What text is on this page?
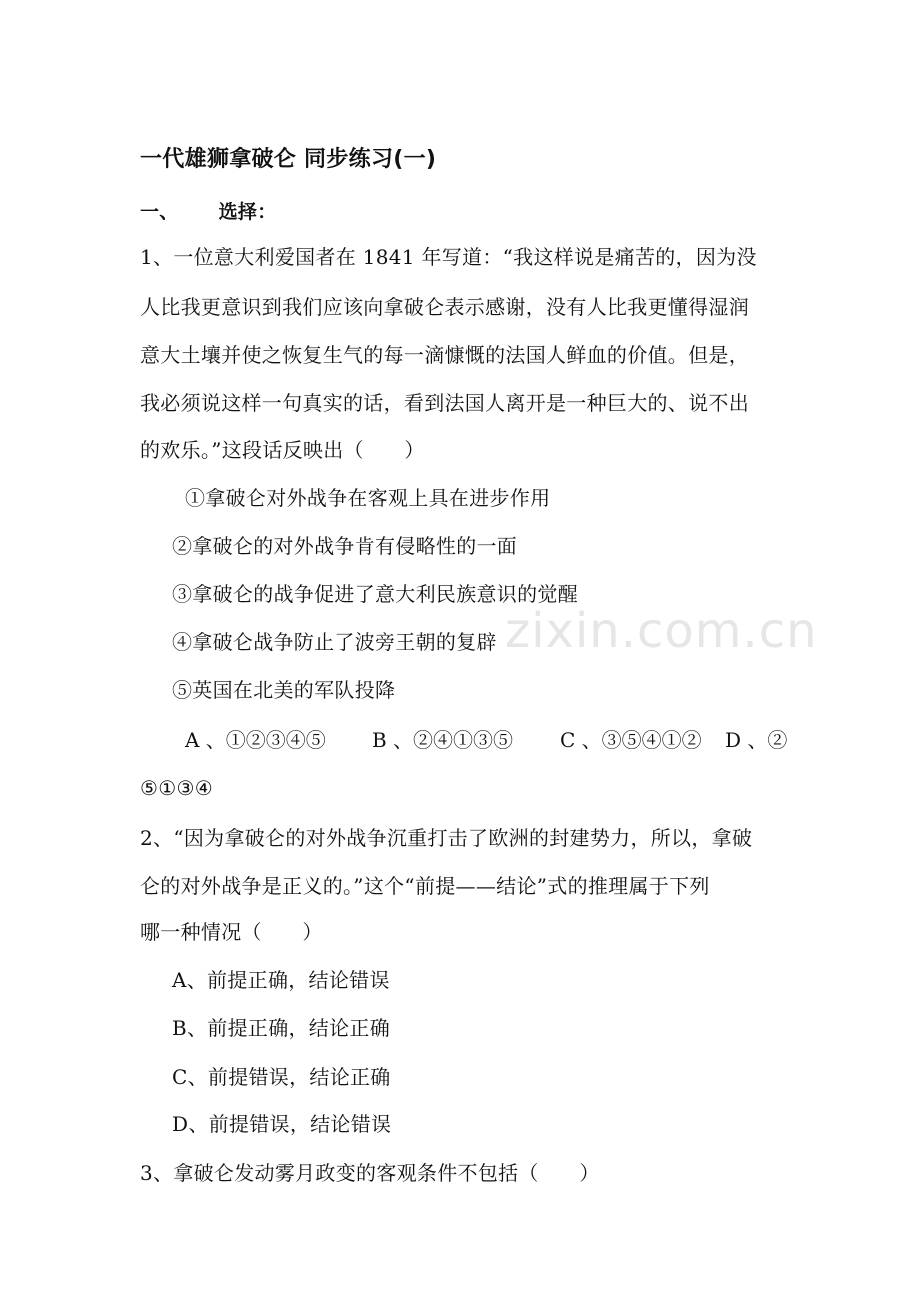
zixin.com.cn
一代雄狮拿破仑 同步练习(一)
一、 选择：
1、一位意大利爱国者在 1841 年写道：“我这样说是痛苦的，因为没
人比我更意识到我们应该向拿破仑表示感谢，没有人比我更懂得湿润
意大土壤并使之恢复生气的每一滴慷慨的法国人鲜血的价值。但是，
我必须说这样一句真实的话，看到法国人离开是一种巨大的、说不出
的欢乐。”这段话反映出（　　）
①拿破仑对外战争在客观上具在进步作用
②拿破仑的对外战争肯有侵略性的一面
③拿破仑的战争促进了意大利民族意识的觉醒
④拿破仑战争防止了波旁王朝的复辟
⑤英国在北美的军队投降
A 、①②③④⑤ B 、②④①③⑤ C 、③⑤④①② D 、②
⑤①③④
2、“因为拿破仑的对外战争沉重打击了欧洲的封建势力，所以，拿破
仑的对外战争是正义的。”这个“前提——结论”式的推理属于下列
哪一种情况（　　）
A、前提正确，结论错误
B、前提正确，结论正确
C、前提错误，结论正确
D、前提错误，结论错误
3、拿破仑发动雾月政变的客观条件不包括（　　）
